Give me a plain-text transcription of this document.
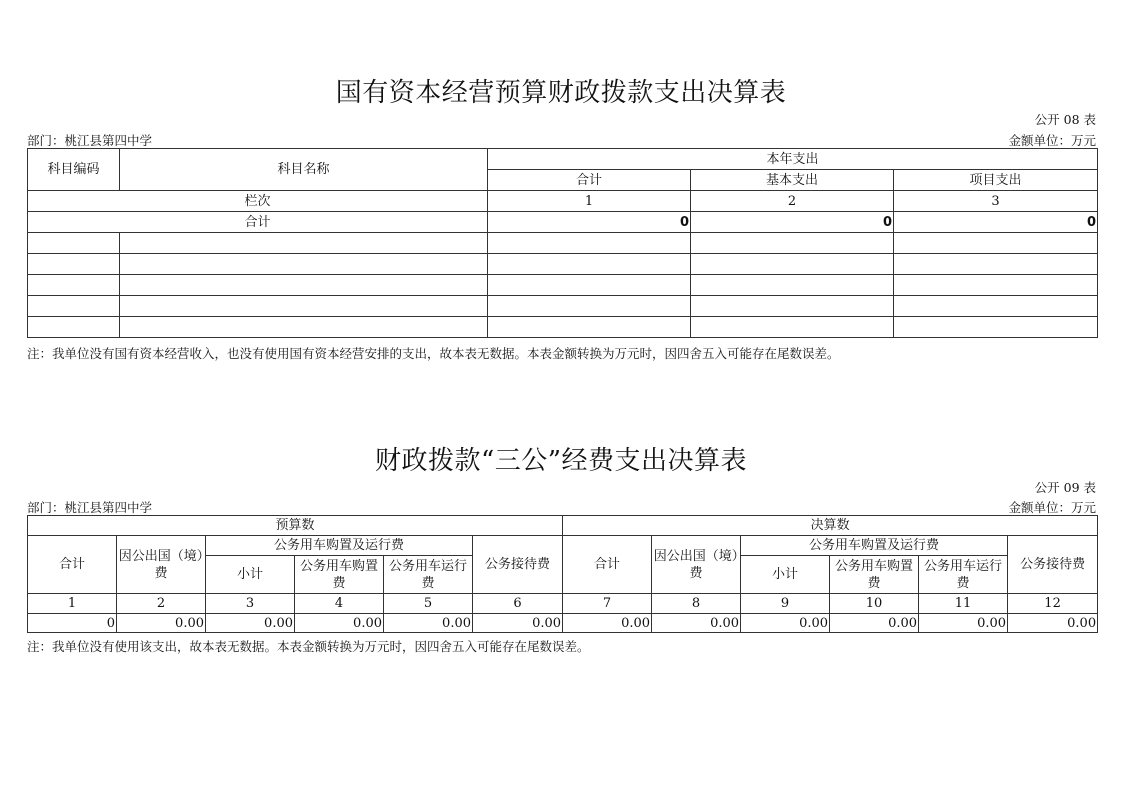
国有资本经营预算财政拨款支出决算表
公开 08 表
部门：桃江县第四中学	金额单位：万元
科目编码	科目名称	本年支出		
		合计	基本支出	项目支出
栏次		1	2	3
合计		0	0	0

注：我单位没有国有资本经营收入，也没有使用国有资本经营安排的支出，故本表无数据。本表金额转换为万元时，因四舍五入可能存在尾数误差。
财政拨款“三公”经费支出决算表
公开 09 表
部门：桃江县第四中学	金额单位：万元
预算数						决算数					
合计	因公出国（境）费	公务用车购置及运行费			公务接待费	合计	因公出国（境）费	公务用车购置及运行费			公务接待费
		小计	公务用车购置费	公务用车运行费				小计	公务用车购置费	公务用车运行费	
1	2	3	4	5	6	7	8	9	10	11	12
0	0.00	0.00	0.00	0.00	0.00	0.00	0.00	0.00	0.00	0.00	0.00
注：我单位没有使用该支出，故本表无数据。本表金额转换为万元时，因四舍五入可能存在尾数误差。
